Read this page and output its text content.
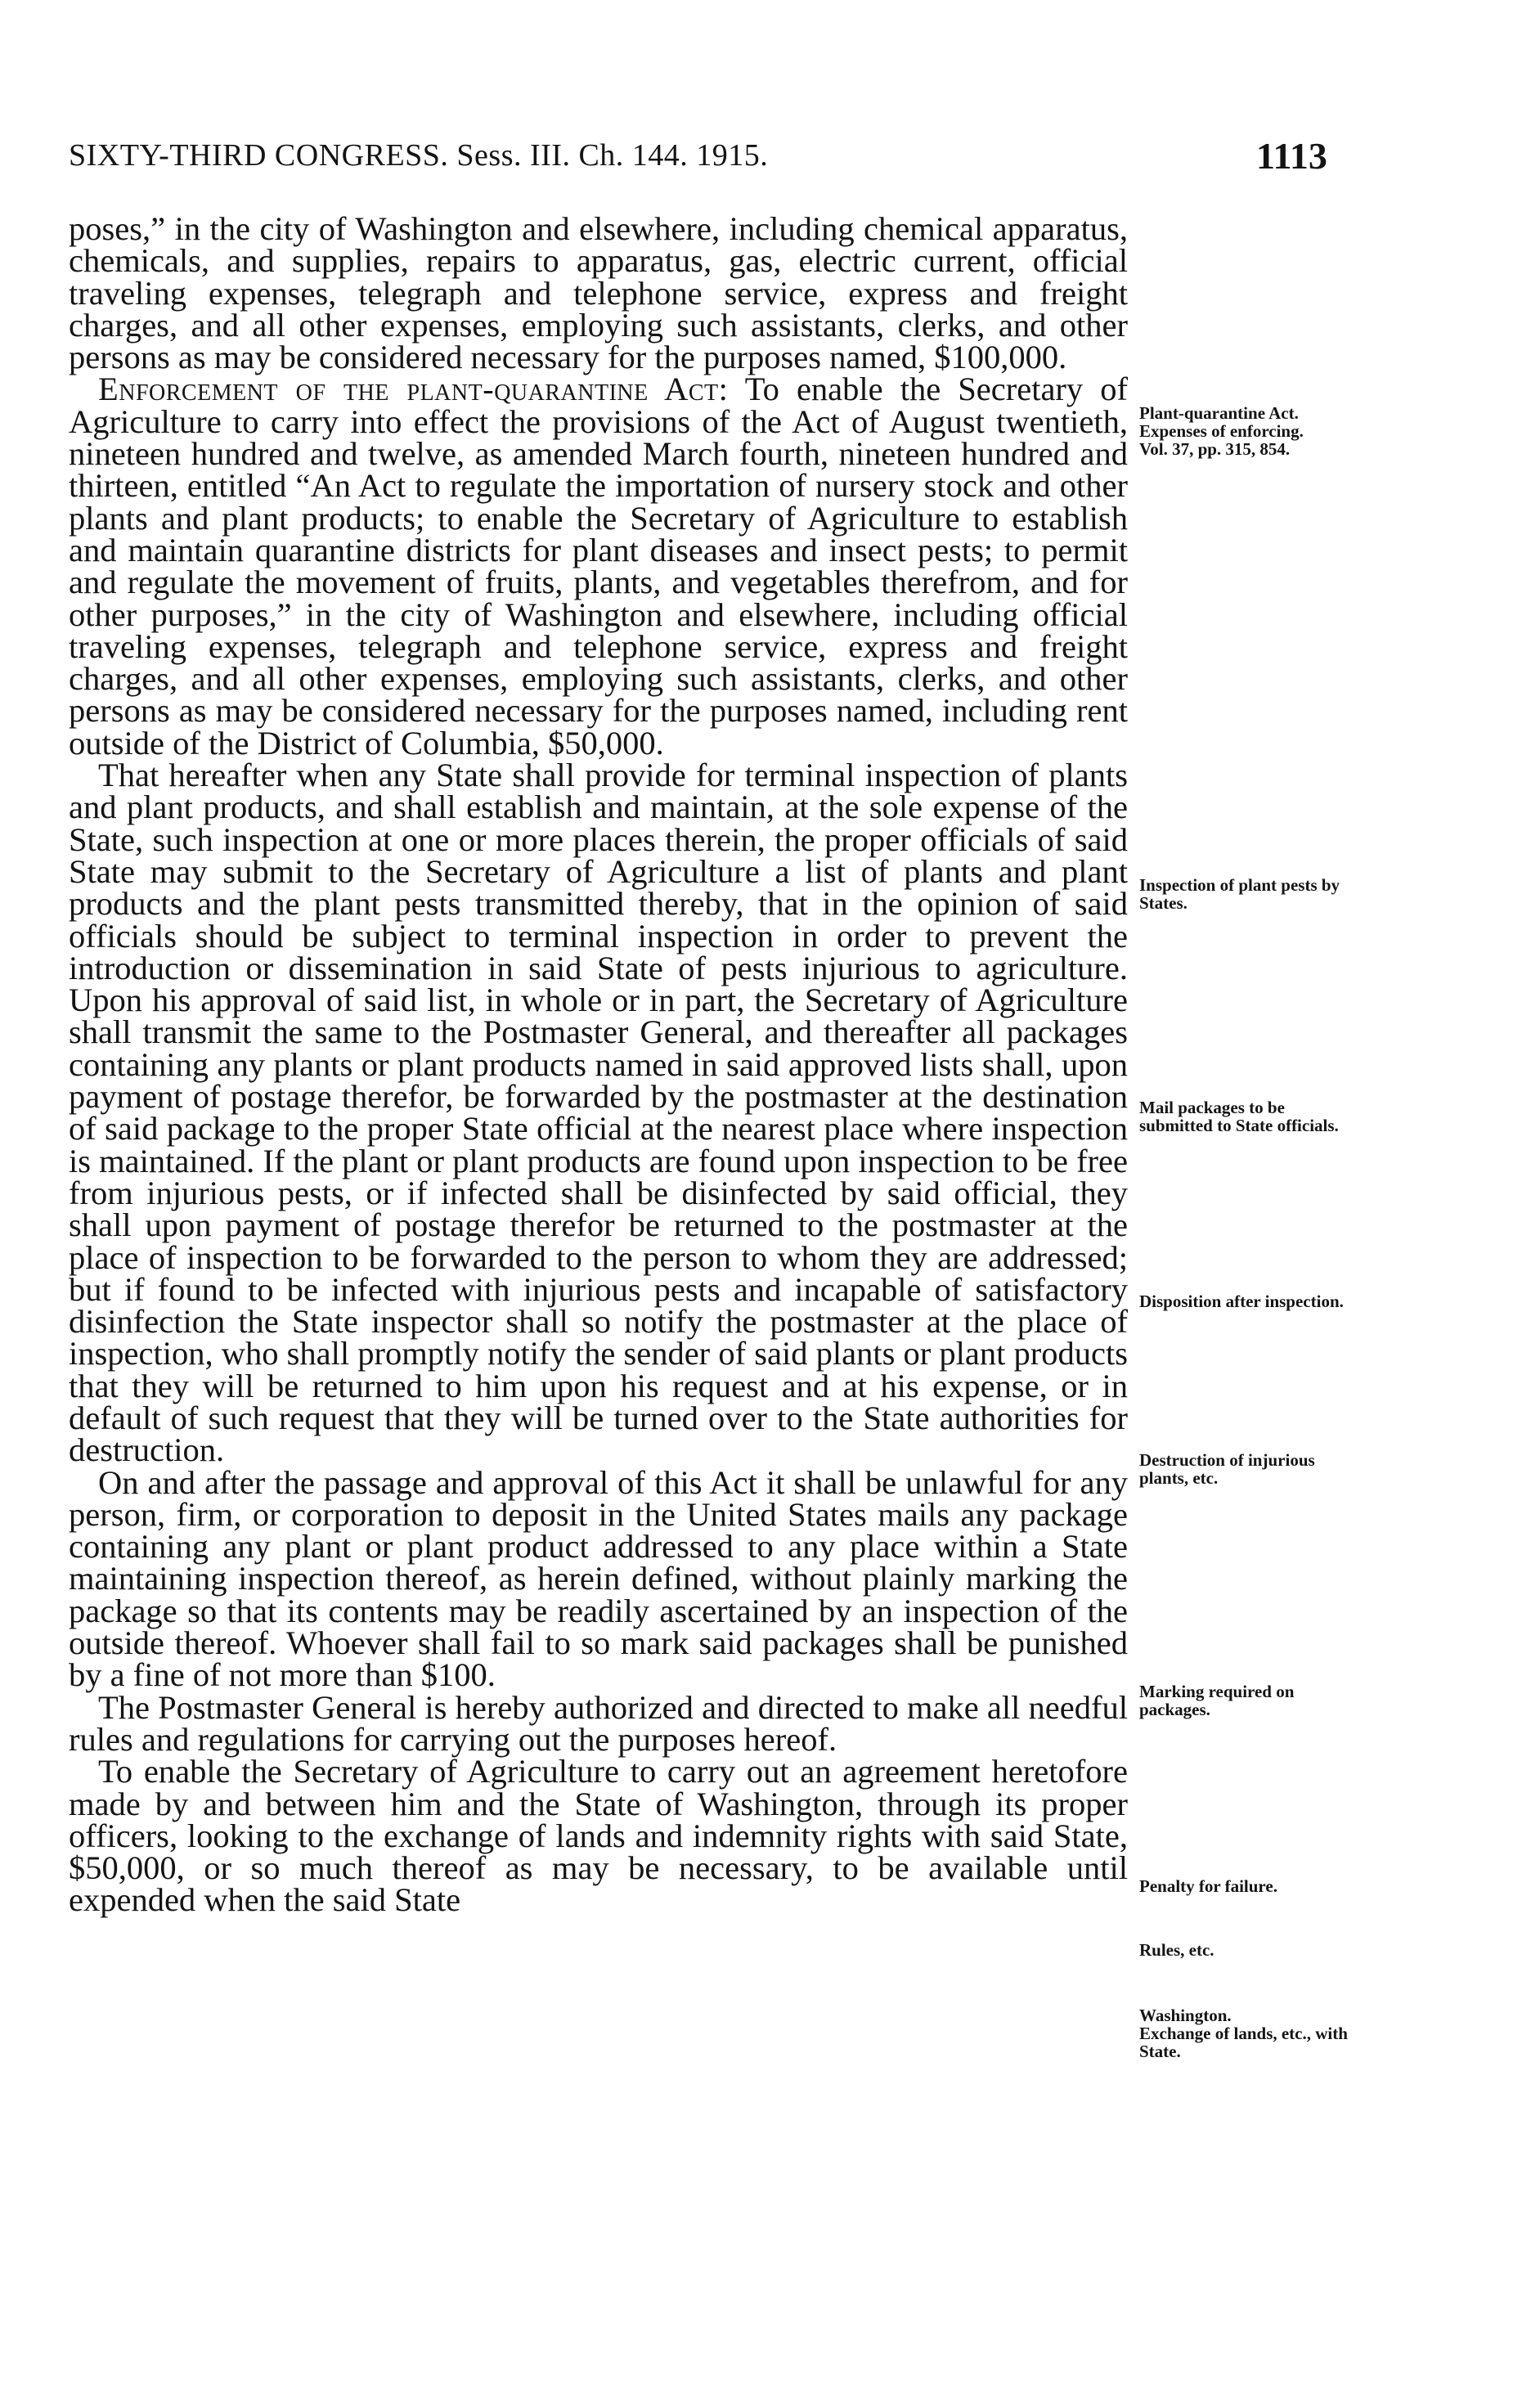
SIXTY-THIRD CONGRESS. Sess. III. Ch. 144. 1915.	1113

poses,” in the city of Washington and elsewhere, including chemical apparatus, chemicals, and supplies, repairs to apparatus, gas, electric current, official traveling expenses, telegraph and telephone service, express and freight charges, and all other expenses, employing such assistants, clerks, and other persons as may be considered necessary for the purposes named, $100,000.

Enforcement of the plant-quarantine Act: To enable the Secretary of Agriculture to carry into effect the provisions of the Act of August twentieth, nineteen hundred and twelve, as amended March fourth, nineteen hundred and thirteen, entitled “An Act to regulate the importation of nursery stock and other plants and plant products; to enable the Secretary of Agriculture to establish and maintain quarantine districts for plant diseases and insect pests; to permit and regulate the movement of fruits, plants, and vegetables therefrom, and for other purposes,” in the city of Washington and elsewhere, including official traveling expenses, telegraph and telephone service, express and freight charges, and all other expenses, employing such assistants, clerks, and other persons as may be considered necessary for the purposes named, including rent outside of the District of Columbia, $50,000.

That hereafter when any State shall provide for terminal inspection of plants and plant products, and shall establish and maintain, at the sole expense of the State, such inspection at one or more places therein, the proper officials of said State may submit to the Secretary of Agriculture a list of plants and plant products and the plant pests transmitted thereby, that in the opinion of said officials should be subject to terminal inspection in order to prevent the introduction or dissemination in said State of pests injurious to agriculture. Upon his approval of said list, in whole or in part, the Secretary of Agriculture shall transmit the same to the Postmaster General, and thereafter all packages containing any plants or plant products named in said approved lists shall, upon payment of postage therefor, be forwarded by the postmaster at the destination of said package to the proper State official at the nearest place where inspection is maintained. If the plant or plant products are found upon inspection to be free from injurious pests, or if infected shall be disinfected by said official, they shall upon payment of postage therefor be returned to the postmaster at the place of inspection to be forwarded to the person to whom they are addressed; but if found to be infected with injurious pests and incapable of satisfactory disinfection the State inspector shall so notify the postmaster at the place of inspection, who shall promptly notify the sender of said plants or plant products that they will be returned to him upon his request and at his expense, or in default of such request that they will be turned over to the State authorities for destruction.

On and after the passage and approval of this Act it shall be unlawful for any person, firm, or corporation to deposit in the United States mails any package containing any plant or plant product addressed to any place within a State maintaining inspection thereof, as herein defined, without plainly marking the package so that its contents may be readily ascertained by an inspection of the outside thereof. Whoever shall fail to so mark said packages shall be punished by a fine of not more than $100.

The Postmaster General is hereby authorized and directed to make all needful rules and regulations for carrying out the purposes hereof.

To enable the Secretary of Agriculture to carry out an agreement heretofore made by and between him and the State of Washington, through its proper officers, looking to the exchange of lands and indemnity rights with said State, $50,000, or so much thereof as may be necessary, to be available until expended when the said State

Plant-quarantine Act.
Expenses of enforcing.
Vol. 37, pp. 315, 854.
Inspection of plant pests by States.
Mail packages to be submitted to State officials.
Disposition after inspection.
Destruction of injurious plants, etc.
Marking required on packages.
Penalty for failure.
Rules, etc.
Washington.
Exchange of lands, etc., with State.
